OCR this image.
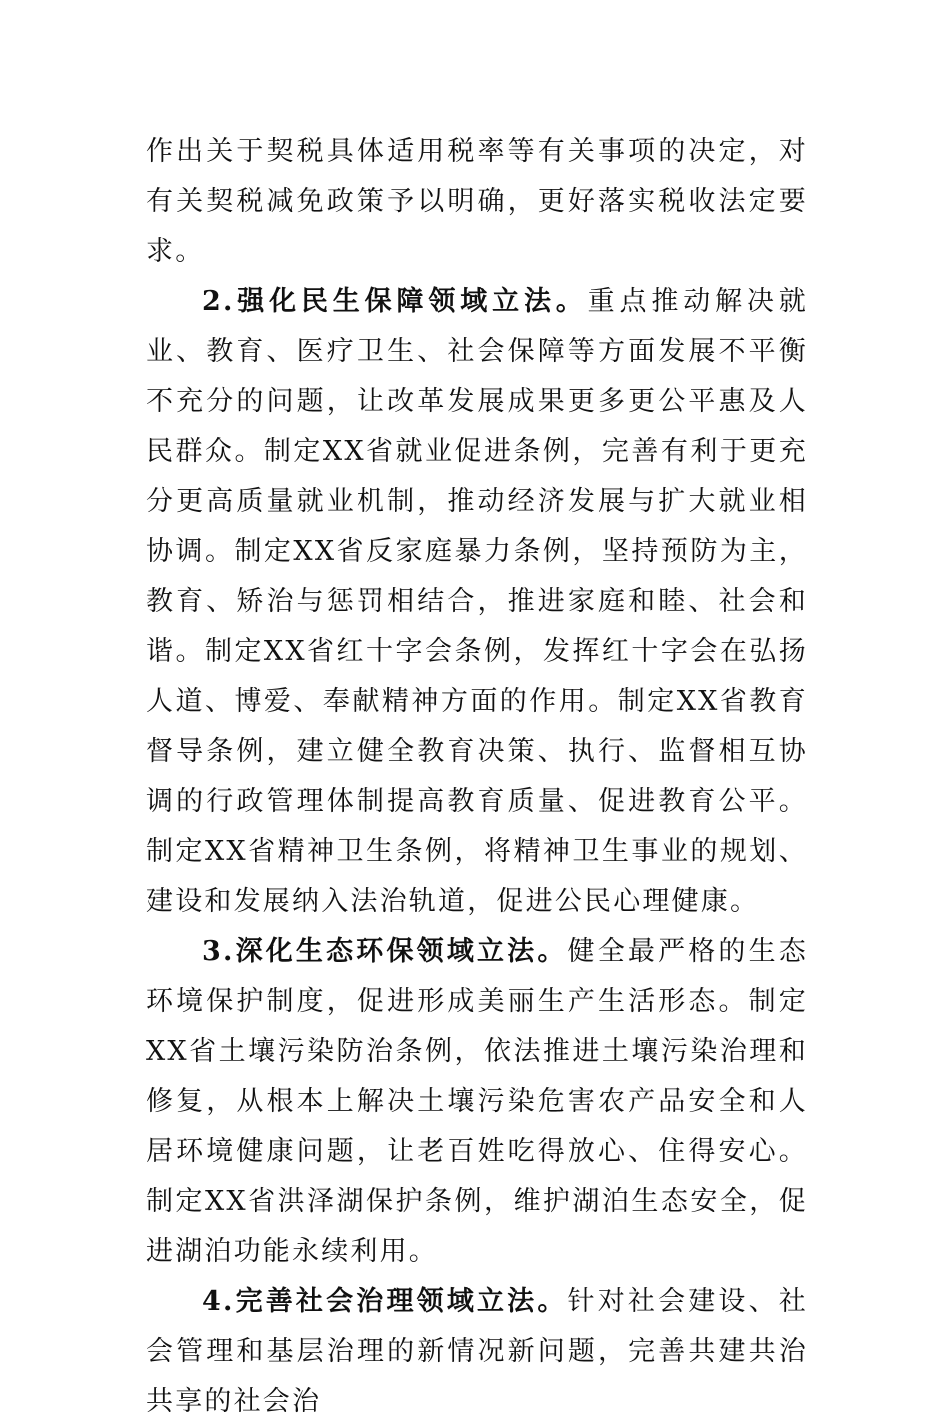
作出关于契税具体适用税率等有关事项的决定，对有关契税减免政策予以明确，更好落实税收法定要求。

2.强化民生保障领域立法。重点推动解决就业、教育、医疗卫生、社会保障等方面发展不平衡不充分的问题，让改革发展成果更多更公平惠及人民群众。制定XX省就业促进条例，完善有利于更充分更高质量就业机制，推动经济发展与扩大就业相协调。制定XX省反家庭暴力条例，坚持预防为主，教育、矫治与惩罚相结合，推进家庭和睦、社会和谐。制定XX省红十字会条例，发挥红十字会在弘扬人道、博爱、奉献精神方面的作用。制定XX省教育督导条例，建立健全教育决策、执行、监督相互协调的行政管理体制提高教育质量、促进教育公平。制定XX省精神卫生条例，将精神卫生事业的规划、建设和发展纳入法治轨道，促进公民心理健康。

3.深化生态环保领域立法。健全最严格的生态环境保护制度，促进形成美丽生产生活形态。制定XX省土壤污染防治条例，依法推进土壤污染治理和修复，从根本上解决土壤污染危害农产品安全和人居环境健康问题，让老百姓吃得放心、住得安心。制定XX省洪泽湖保护条例，维护湖泊生态安全，促进湖泊功能永续利用。

4.完善社会治理领域立法。针对社会建设、社会管理和基层治理的新情况新问题，完善共建共治共享的社会治
